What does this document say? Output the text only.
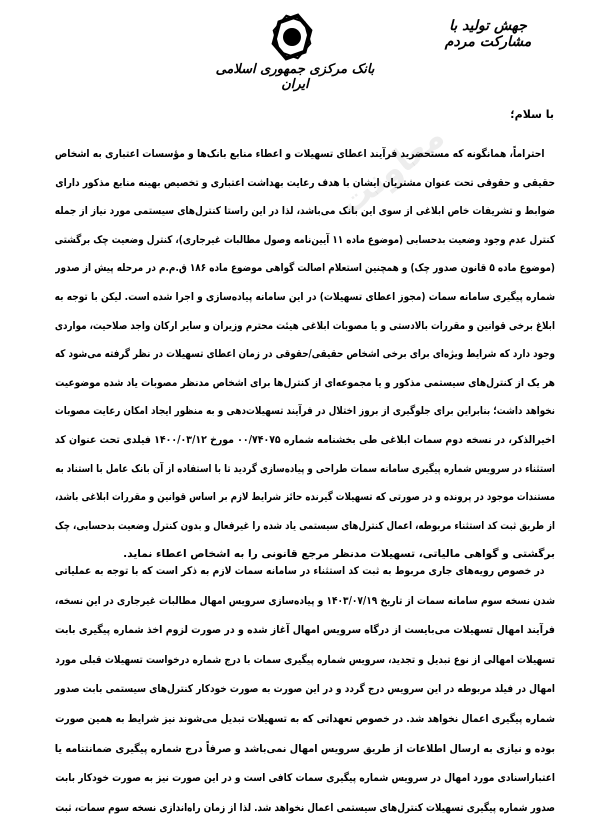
بانک مرکزی جمهوری اسلامی ایران
جهش تولید با مشارکت مردم
معاونت
با سلام؛
احتراماً، همانگونه که مستحضرید فرآیند اعطای تسهیلات و اعطاء منابع بانک‌ها و مؤسسات اعتباری به اشخاص
حقیقی و حقوقی تحت عنوان مشتریان ایشان با هدف رعایت بهداشت اعتباری و تخصیص بهینه منابع مذکور دارای
ضوابط و تشریفات خاص ابلاغی از سوی این بانک می‌باشد، لذا در این راستا کنترل‌های سیستمی مورد نیاز از جمله
کنترل عدم وجود وضعیت بدحسابی (موضوع ماده ۱۱ آیین‌نامه وصول مطالبات غیرجاری)، کنترل وضعیت چک برگشتی
(موضوع ماده ۵ قانون صدور چک) و همچنین استعلام اصالت گواهی موضوع ماده ۱۸۶ ق.م.م در مرحله پیش از صدور
شماره پیگیری سامانه سمات (مجوز اعطای تسهیلات) در این سامانه پیاده‌سازی و اجرا شده است. لیکن با توجه به
ابلاغ برخی قوانین و مقررات بالادستی و یا مصوبات ابلاغی هیئت محترم وزیران و سایر ارکان واجد صلاحیت، مواردی
وجود دارد که شرایط ویژه‌ای برای برخی اشخاص حقیقی/حقوقی در زمان اعطای تسهیلات در نظر گرفته می‌شود که
هر یک از کنترل‌های سیستمی مذکور و یا مجموعه‌ای از کنترل‌ها برای اشخاص مدنظر مصوبات یاد شده موضوعیت
نخواهد داشت؛ بنابراین برای جلوگیری از بروز اختلال در فرآیند تسهیلات‌دهی و به منظور ایجاد امکان رعایت مصوبات
اخیرالذکر، در نسخه دوم سمات ابلاغی طی بخشنامه شماره ۰۰/۷۴۰۷۵ مورخ ۱۴۰۰/۰۳/۱۲ فیلدی تحت عنوان کد
استثناء در سرویس شماره پیگیری سامانه سمات طراحی و پیاده‌سازی گردید تا با استفاده از آن بانک عامل با استناد به
مستندات موجود در پرونده و در صورتی که تسهیلات گیرنده حائز شرایط لازم بر اساس قوانین و مقررات ابلاغی باشد،
از طریق ثبت کد استثناء مربوطه، اعمال کنترل‌های سیستمی یاد شده را غیرفعال و بدون کنترل وضعیت بدحسابی، چک
برگشتی و گواهی مالیاتی، تسهیلات مدنظر مرجع قانونی را به اشخاص اعطاء نماید.
در خصوص رویه‌های جاری مربوط به ثبت کد استثناء در سامانه سمات لازم به ذکر است که با توجه به عملیاتی
شدن نسخه سوم سامانه سمات از تاریخ ۱۴۰۳/۰۷/۱۹ و پیاده‌سازی سرویس امهال مطالبات غیرجاری در این نسخه،
فرآیند امهال تسهیلات می‌بایست از درگاه سرویس امهال آغاز شده و در صورت لزوم اخذ شماره پیگیری بابت
تسهیلات امهالی از نوع تبدیل و تجدید، سرویس شماره پیگیری سمات با درج شماره درخواست تسهیلات قبلی مورد
امهال در فیلد مربوطه در این سرویس درج گردد و در این صورت به صورت خودکار کنترل‌های سیستمی بابت صدور
شماره پیگیری اعمال نخواهد شد. در خصوص تعهداتی که به تسهیلات تبدیل می‌شوند نیز شرایط به همین صورت
بوده و نیازی به ارسال اطلاعات از طریق سرویس امهال نمی‌باشد و صرفاً درج شماره پیگیری ضمانتنامه یا
اعتباراسنادی مورد امهال در سرویس شماره پیگیری سمات کافی است و در این صورت نیز به صورت خودکار بابت
صدور شماره پیگیری تسهیلات کنترل‌های سیستمی اعمال نخواهد شد. لذا از زمان راه‌اندازی نسخه سوم سمات، ثبت
